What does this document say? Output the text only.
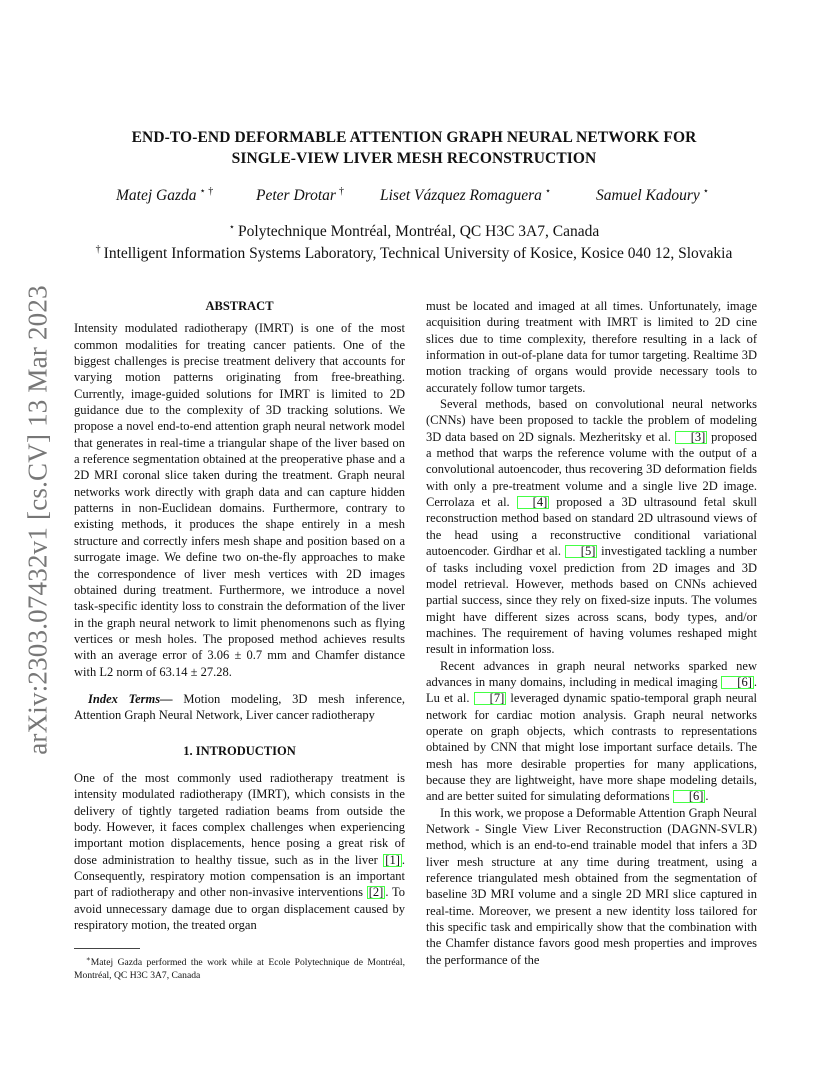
arXiv:2303.07432v1 [cs.CV] 13 Mar 2023
END-TO-END DEFORMABLE ATTENTION GRAPH NEURAL NETWORK FOR
SINGLE-VIEW LIVER MESH RECONSTRUCTION
Matej Gazda ⋆ †	Peter Drotar † Liset Vázquez Romaguera ⋆	Samuel Kadoury ⋆
⋆ Polytechnique Montréal, Montréal, QC H3C 3A7, Canada
† Intelligent Information Systems Laboratory, Technical University of Kosice, Kosice 040 12, Slovakia

ABSTRACT

Intensity modulated radiotherapy (IMRT) is one of the most common modalities for treating cancer patients. One of the biggest challenges is precise treatment delivery that accounts for varying motion patterns originating from free-breathing. Currently, image-guided solutions for IMRT is limited to 2D guidance due to the complexity of 3D tracking solutions. We propose a novel end-to-end attention graph neural network model that generates in real-time a triangular shape of the liver based on a reference segmentation obtained at the preoperative phase and a 2D MRI coronal slice taken during the treatment. Graph neural networks work directly with graph data and can capture hidden patterns in non-Euclidean domains. Furthermore, contrary to existing methods, it produces the shape entirely in a mesh structure and correctly infers mesh shape and position based on a surrogate image. We define two on-the-fly approaches to make the correspondence of liver mesh vertices with 2D images obtained during treatment. Furthermore, we introduce a novel task-specific identity loss to constrain the deformation of the liver in the graph neural network to limit phenomenons such as flying vertices or mesh holes. The proposed method achieves results with an average error of 3.06 ± 0.7 mm and Chamfer distance with L2 norm of 63.14 ± 27.28.

Index Terms— Motion modeling, 3D mesh inference, Attention Graph Neural Network, Liver cancer radiotherapy

1. INTRODUCTION

One of the most commonly used radiotherapy treatment is intensity modulated radiotherapy (IMRT), which consists in the delivery of tightly targeted radiation beams from outside the body. However, it faces complex challenges when experiencing important motion displacements, hence posing a great risk of dose administration to healthy tissue, such as in the liver [1] . Consequently, respiratory motion compensation is an important part of radiotherapy and other non-invasive interventions [2] . To avoid unnecessary damage due to organ displacement caused by respiratory motion, the treated organ

∗Matej Gazda performed the work while at Ecole Polytechnique de Montréal, Montréal, QC H3C 3A7, Canada

must be located and imaged at all times. Unfortunately, image acquisition during treatment with IMRT is limited to 2D cine slices due to time complexity, therefore resulting in a lack of information in out-of-plane data for tumor targeting. Realtime 3D motion tracking of organs would provide necessary tools to accurately follow tumor targets.

Several methods, based on convolutional neural networks (CNNs) have been proposed to tackle the problem of modeling 3D data based on 2D signals. Mezheritsky et al. [3] proposed a method that warps the reference volume with the output of a convolutional autoencoder, thus recovering 3D deformation fields with only a pre-treatment volume and a single live 2D image. Cerrolaza et al. [4] proposed a 3D ultrasound fetal skull reconstruction method based on standard 2D ultrasound views of the head using a reconstructive conditional variational autoencoder. Girdhar et al. [5] investigated tackling a number of tasks including voxel prediction from 2D images and 3D model retrieval. However, methods based on CNNs achieved partial success, since they rely on fixed-size inputs. The volumes might have different sizes across scans, body types, and/or machines. The requirement of having volumes reshaped might result in information loss.

Recent advances in graph neural networks sparked new advances in many domains, including in medical imaging [6] . Lu et al. [7] leveraged dynamic spatio-temporal graph neural network for cardiac motion analysis. Graph neural networks operate on graph objects, which contrasts to representations obtained by CNN that might lose important surface details. The mesh has more desirable properties for many applications, because they are lightweight, have more shape modeling details, and are better suited for simulating deformations [6] .

In this work, we propose a Deformable Attention Graph Neural Network - Single View Liver Reconstruction (DAGNN-SVLR) method, which is an end-to-end trainable model that infers a 3D liver mesh structure at any time during treatment, using a reference triangulated mesh obtained from the segmentation of baseline 3D MRI volume and a single 2D MRI slice captured in real-time. Moreover, we present a new identity loss tailored for this specific task and empirically show that the combination with the Chamfer distance favors good mesh properties and improves the performance of the
